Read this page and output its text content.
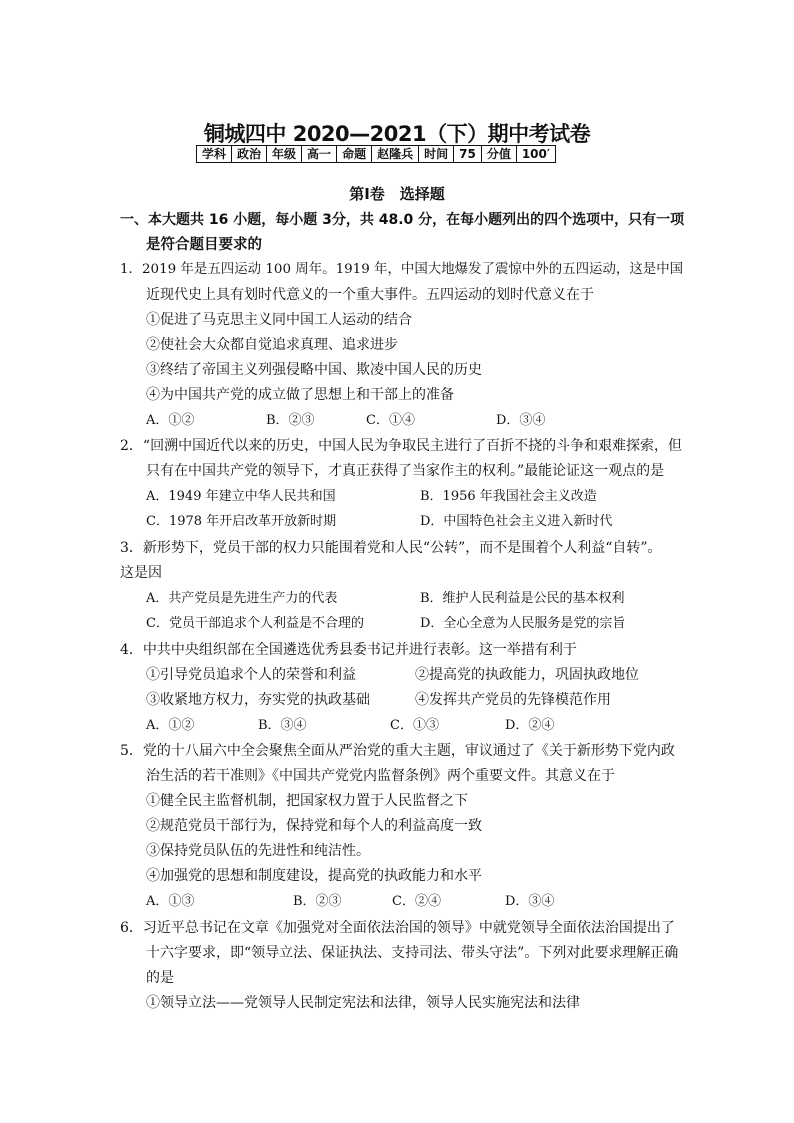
铜城四中 2020—2021（下）期中考试卷
学科	政治	年级	高一	命题	赵隆兵	时间	75	分值	100′
第Ⅰ卷　选择题
一、本大题共 16 小题，每小题 3分，共 48.0 分，在每小题列出的四个选项中，只有一项
是符合题目要求的
1．2019 年是五四运动 100 周年。1919 年，中国大地爆发了震惊中外的五四运动，这是中国
近现代史上具有划时代意义的一个重大事件。五四运动的划时代意义在于
①促进了马克思主义同中国工人运动的结合
②使社会大众都自觉追求真理、追求进步
③终结了帝国主义列强侵略中国、欺凌中国人民的历史
④为中国共产党的成立做了思想上和干部上的准备
A．①②	B．②③	C．①④	D．③④
2．“回溯中国近代以来的历史，中国人民为争取民主进行了百折不挠的斗争和艰难探索，但
只有在中国共产党的领导下，才真正获得了当家作主的权利。”最能论证这一观点的是
A．1949 年建立中华人民共和国	B．1956 年我国社会主义改造
C．1978 年开启改革开放新时期	D．中国特色社会主义进入新时代
3．新形势下，党员干部的权力只能围着党和人民“公转”，而不是围着个人利益“自转”。
这是因
A．共产党员是先进生产力的代表	B．维护人民利益是公民的基本权利
C．党员干部追求个人利益是不合理的	D．全心全意为人民服务是党的宗旨
4．中共中央组织部在全国遴选优秀县委书记并进行表彰。这一举措有利于
①引导党员追求个人的荣誉和利益	②提高党的执政能力，巩固执政地位
③收紧地方权力，夯实党的执政基础	④发挥共产党员的先锋模范作用
A．①②	B．③④	C．①③	D．②④
5．党的十八届六中全会聚焦全面从严治党的重大主题，审议通过了《关于新形势下党内政
治生活的若干准则》《中国共产党党内监督条例》两个重要文件。其意义在于
①健全民主监督机制，把国家权力置于人民监督之下
②规范党员干部行为，保持党和每个人的利益高度一致
③保持党员队伍的先进性和纯洁性。
④加强党的思想和制度建设，提高党的执政能力和水平
A．①③	B．②③	C．②④	D．③④
6．习近平总书记在文章《加强党对全面依法治国的领导》中就党领导全面依法治国提出了
十六字要求，即“领导立法、保证执法、支持司法、带头守法”。下列对此要求理解正确
的是
①领导立法——党领导人民制定宪法和法律，领导人民实施宪法和法律
